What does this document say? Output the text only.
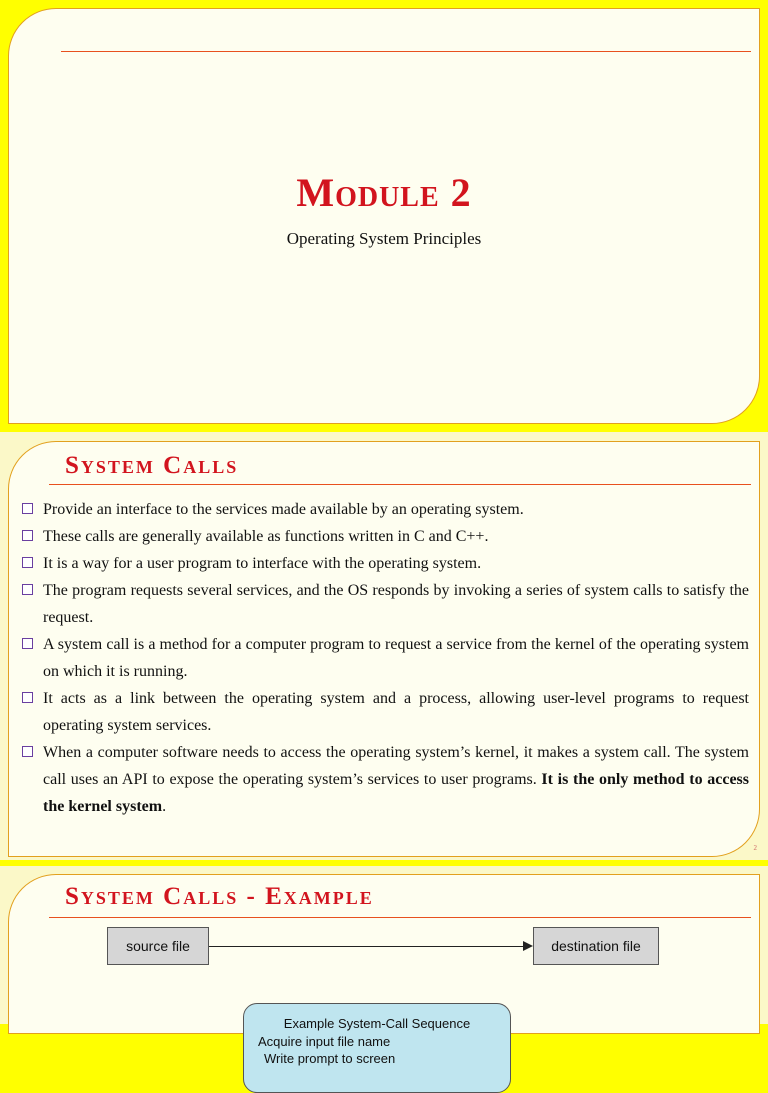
Module 2
Operating System Principles
System Calls
Provide an interface to the services made available by an operating system.
These calls are generally available as functions written in C and C++.
It is a way for a user program to interface with the operating system.
The program requests several services, and the OS responds by invoking a series of system calls to satisfy the request.
A system call is a method for a computer program to request a service from the kernel of the operating system on which it is running.
It acts as a link between the operating system and a process, allowing user-level programs to request operating system services.
When a computer software needs to access the operating system’s kernel, it makes a system call. The system call uses an API to expose the operating system’s services to user programs. It is the only method to access the kernel system.
2
System Calls - Example
source file	destination file
Example System-Call Sequence
Acquire input file name
Write prompt to screen
